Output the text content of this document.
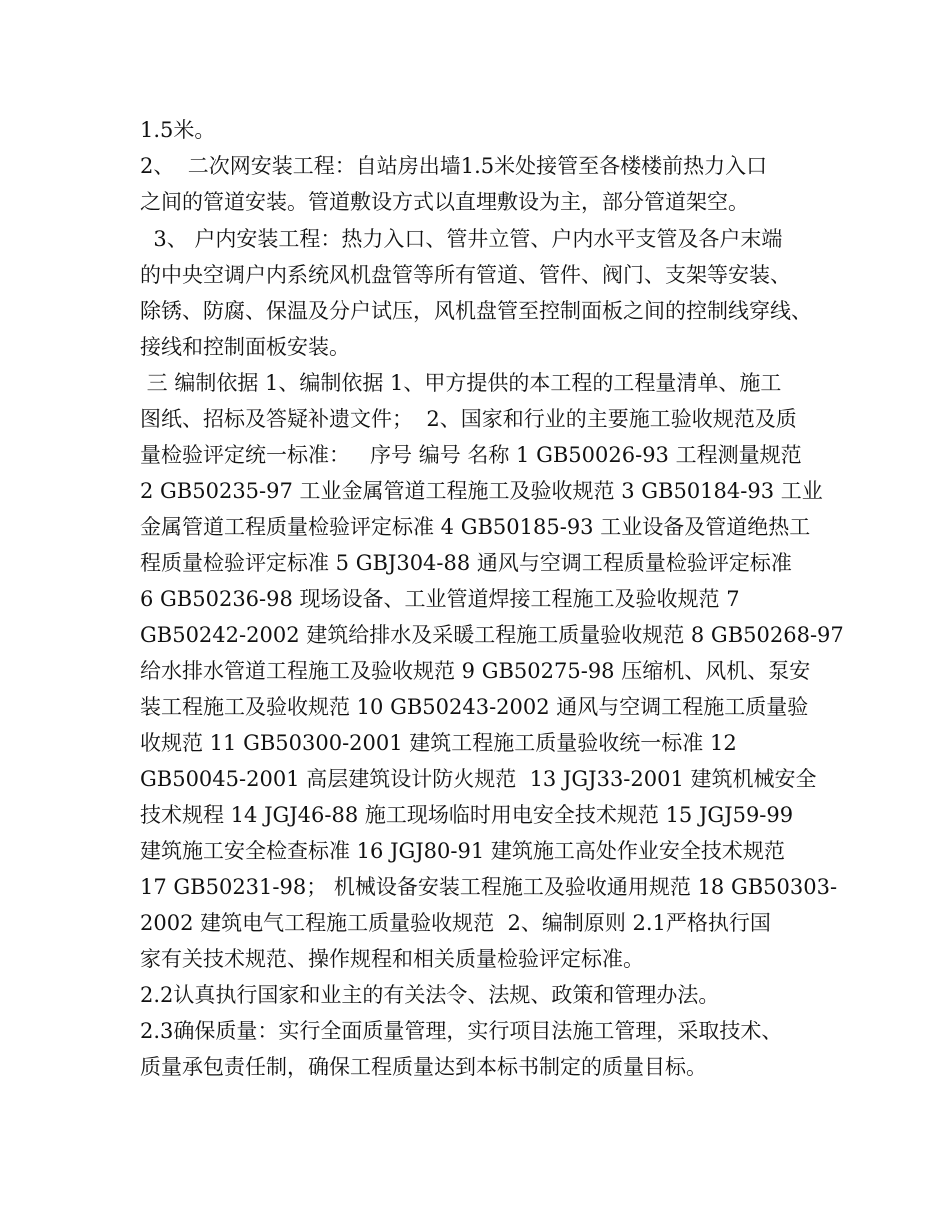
1.5米。
2、  二次网安装工程：自站房出墙1.5米处接管至各楼楼前热力入口
之间的管道安装。管道敷设方式以直埋敷设为主，部分管道架空。
3、 户内安装工程：热力入口、管井立管、户内水平支管及各户末端
的中央空调户内系统风机盘管等所有管道、管件、阀门、支架等安装、
除锈、防腐、保温及分户试压，风机盘管至控制面板之间的控制线穿线、
接线和控制面板安装。
三 编制依据 1、编制依据 1、甲方提供的本工程的工程量清单、施工
图纸、招标及答疑补遗文件；  2、国家和行业的主要施工验收规范及质
量检验评定统一标准：   序号 编号 名称 1 GB50026-93 工程测量规范
2 GB50235-97 工业金属管道工程施工及验收规范 3 GB50184-93 工业
金属管道工程质量检验评定标准 4 GB50185-93 工业设备及管道绝热工
程质量检验评定标准 5 GBJ304-88 通风与空调工程质量检验评定标准
6 GB50236-98 现场设备、工业管道焊接工程施工及验收规范 7
GB50242-2002 建筑给排水及采暖工程施工质量验收规范 8 GB50268-97
给水排水管道工程施工及验收规范 9 GB50275-98 压缩机、风机、泵安
装工程施工及验收规范 10 GB50243-2002 通风与空调工程施工质量验
收规范 11 GB50300-2001 建筑工程施工质量验收统一标准 12
GB50045-2001 高层建筑设计防火规范  13 JGJ33-2001 建筑机械安全
技术规程 14 JGJ46-88 施工现场临时用电安全技术规范 15 JGJ59-99
建筑施工安全检查标准 16 JGJ80-91 建筑施工高处作业安全技术规范
17 GB50231-98； 机械设备安装工程施工及验收通用规范 18 GB50303-
2002 建筑电气工程施工质量验收规范  2、编制原则 2.1严格执行国
家有关技术规范、操作规程和相关质量检验评定标准。
2.2认真执行国家和业主的有关法令、法规、政策和管理办法。
2.3确保质量：实行全面质量管理，实行项目法施工管理，采取技术、
质量承包责任制，确保工程质量达到本标书制定的质量目标。
